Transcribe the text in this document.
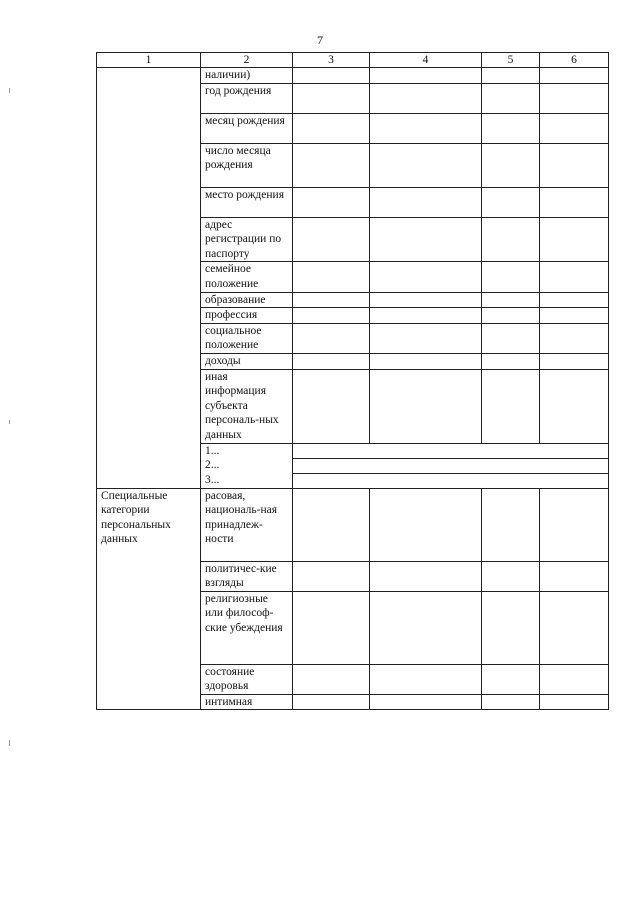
7
1	2	3	4	5	6
	наличии)				
	год рождения				
	месяц рождения				
	число месяца рождения				
	место рождения				
	адрес регистрации по паспорту				
	семейное положение				
	образование				
	профессия				
	социальное положение				
	доходы				
	иная информация субъекта персональ-ных данных				

	1...
2...
3...				

Специальные категории персональных данных	расовая, националь-ная принадлеж-ности				
	политичес-кие взгляды				
	религиозные или философ-ские убеждения				
	состояние здоровья				
	интимная				
